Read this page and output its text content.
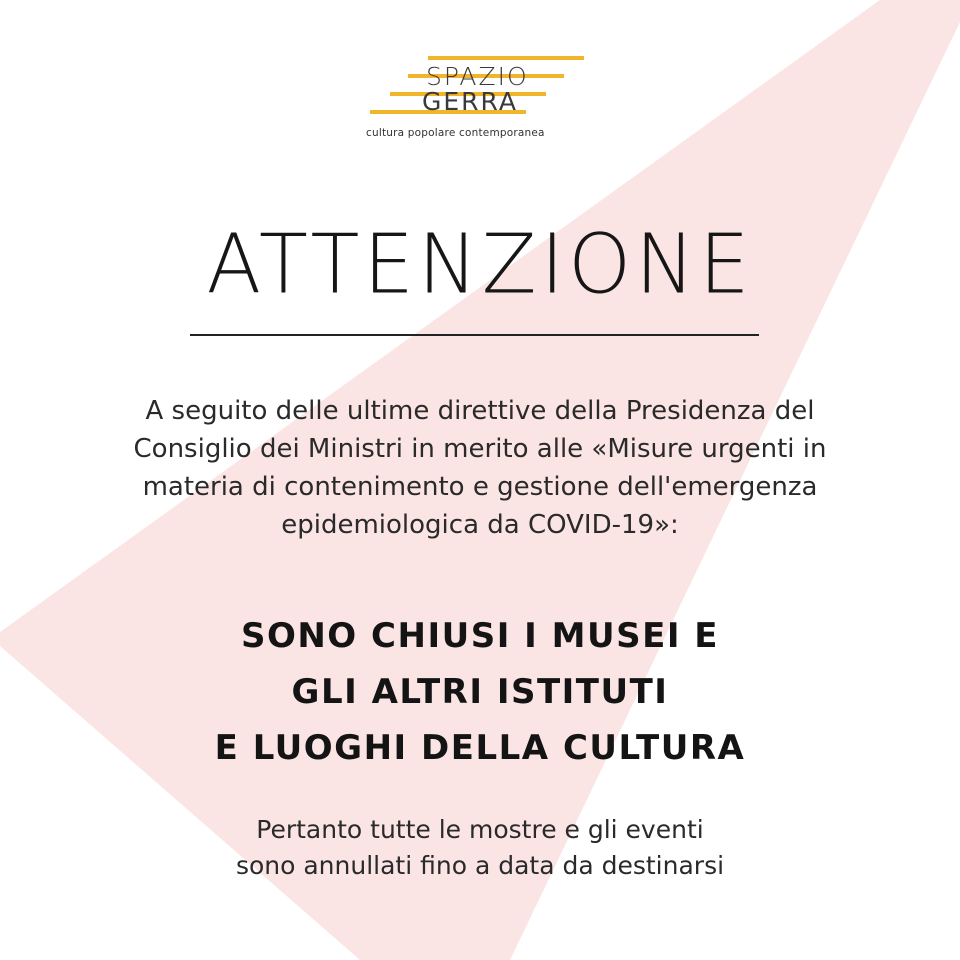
SPAZIO
GERRA
cultura popolare contemporanea
ATTENZIONE
A seguito delle ultime direttive della Presidenza del
Consiglio dei Ministri in merito alle «Misure urgenti in
materia di contenimento e gestione dell'emergenza
epidemiologica da COVID-19»:
SONO CHIUSI I MUSEI E
GLI ALTRI ISTITUTI
E LUOGHI DELLA CULTURA
Pertanto tutte le mostre e gli eventi
sono annullati fino a data da destinarsi
